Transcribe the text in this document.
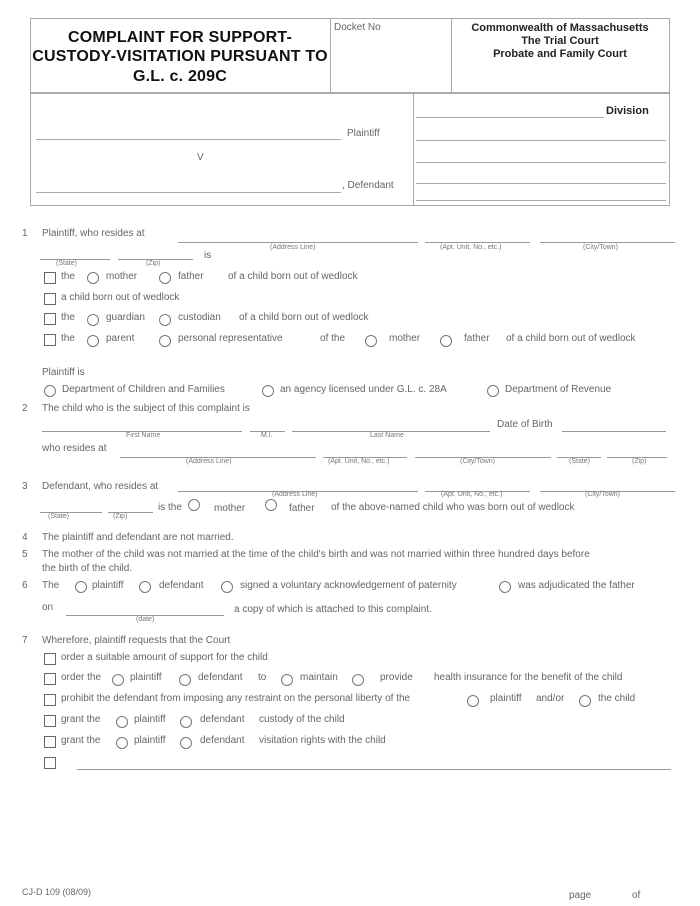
COMPLAINT FOR SUPPORT-
CUSTODY-VISITATION PURSUANT TO
G.L. c. 209C
Docket No	Commonwealth of Massachusetts
The Trial Court
Probate and Family Court
Plaintiff
V
, Defendant
Division
1 Plaintiff, who resides at
(Address Line)	(Apt. Unit, No., etc.)	(City/Town)
is
(State)	(Zip)
the	mother	father of a child born out of wedlock
a child born out of wedlock
the	guardian	custodian of a child born out of wedlock
the	parent	personal representative	of the	mother	father of a child born out of wedlock
Plaintiff is
Department of Children and Families	an agency licensed under G.L. c. 28A	Department of Revenue
2 The child who is the subject of this complaint is
Date of Birth
First Name	M.I.	Last Name
who resides at
(Address Line)	(Apt. Unit, No., etc.)	(City/Town)	(State)	(Zip)
3 Defendant, who resides at
(Address Line)	(Apt. Unit, No., etc.)	(City/Town)
is the	mother	father of the above-named child who was born out of wedlock
(State)	(Zip)
4 The plaintiff and defendant are not married.
5 The mother of the child was not married at the time of the child's birth and was not married within three hundred days before
the birth of the child.
6 The	plaintiff	defendant	signed a voluntary acknowledgement of paternity	was adjudicated the father
on
(date)
a copy of which is attached to this complaint.
7 Wherefore, plaintiff requests that the Court
order a suitable amount of support for the child
order the	plaintiff	defendant to	maintain	provide health insurance for the benefit of the child
prohibit the defendant from imposing any restraint on the personal liberty of the	plaintiff and/or	the child
grant the	plaintiff	defendant custody of the child
grant the	plaintiff	defendant visitation rights with the child
CJ-D 109 (08/09)	page	of
